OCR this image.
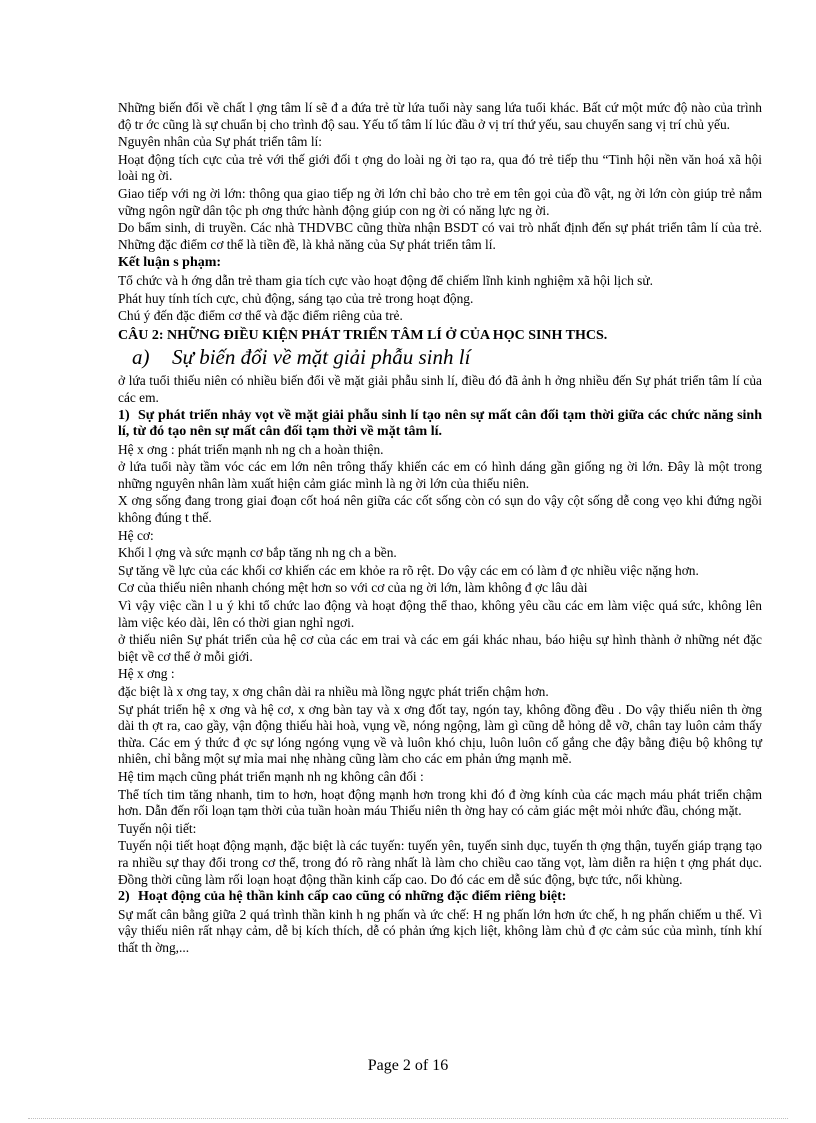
Những biến đổi về chất l ợng tâm lí sẽ đ a đứa trẻ từ lứa tuổi này sang lứa tuổi khác. Bất cứ một mức độ nào của trình độ tr ớc cũng là sự chuẩn bị cho trình độ sau. Yếu tố tâm lí lúc đầu ở vị trí thứ yếu, sau chuyển sang vị trí chủ yếu.

Nguyên nhân của Sự phát triển tâm lí:

Hoạt động tích cực của trẻ với thế giới đối t ợng do loài ng ời tạo ra, qua đó trẻ tiếp thu “Tinh hội nền văn hoá xã hội loài ng ời.

Giao tiếp với ng ời lớn: thông qua giao tiếp ng ời lớn chỉ bảo cho trẻ em tên gọi của đồ vật, ng ời lớn còn giúp trẻ nắm vững ngôn ngữ dân tộc ph ơng thức hành động giúp con ng ời có năng lực ng ời.

Do bẩm sinh, di truyền. Các nhà THDVBC cũng thừa nhận BSDT có vai trò nhất định đến sự phát triển tâm lí của trẻ. Những đặc điểm cơ thể là tiền đề, là khả năng của Sự phát triển tâm lí.

Kết luận s phạm:

Tổ chức và h ớng dẫn trẻ tham gia tích cực vào hoạt động để chiếm lĩnh kinh nghiệm xã hội lịch sử.

Phát huy tính tích cực, chủ động, sáng tạo của trẻ trong hoạt động.

Chú ý đến đặc điểm cơ thể và đặc điểm riêng của trẻ.

CÂU 2: NHỮNG ĐIỀU KIỆN PHÁT TRIỂN TÂM LÍ Ở CỦA HỌC SINH THCS.

a) Sự biến đổi về mặt giải phẫu sinh lí

ở lứa tuổi thiếu niên có nhiều biến đổi về mặt giải phẫu sinh lí, điều đó đã ảnh h ởng nhiều đến Sự phát triển tâm lí của các em.

1) Sự phát triển nhảy vọt về mặt giải phẫu sinh lí tạo nên sự mất cân đối tạm thời giữa các chức năng sinh lí, từ đó tạo nên sự mất cân đối tạm thời về mặt tâm lí.

Hệ x ơng : phát triển mạnh nh ng ch a hoàn thiện.

ở lứa tuổi này tầm vóc các em lớn nên trông thấy khiến các em có hình dáng gần giống ng ời lớn. Đây là một trong những nguyên nhân làm xuất hiện cảm giác mình là ng ời lớn của thiếu niên.

X ơng sống đang trong giai đoạn cốt hoá nên giữa các cốt sống còn có sụn do vậy cột sống dễ cong vẹo khi đứng ngồi không đúng t thế.

Hệ cơ:

Khối l ợng và sức mạnh cơ bắp tăng nh ng ch a bền.

Sự tăng về lực của các khối cơ khiến các em khỏe ra rõ rệt. Do vậy các em có làm đ ợc nhiều việc nặng hơn.

Cơ của thiếu niên nhanh chóng mệt hơn so với cơ của ng ời lớn, làm không đ ợc lâu dài

Vì vậy việc cần l u ý khi tổ chức lao động và hoạt động thể thao, không yêu cầu các em làm việc quá sức, không lên làm việc kéo dài, lên có thời gian nghỉ ngơi.

ở thiếu niên Sự phát triển của hệ cơ của các em trai và các em gái khác nhau, báo hiệu sự hình thành ở những nét đặc biệt về cơ thể ở mỗi giới.

Hệ x ơng :

đặc biệt là x ơng tay, x ơng chân dài ra nhiều mà lồng ngực phát triển chậm hơn.

Sự phát triển hệ x ơng và hệ cơ, x ơng bàn tay và x ơng đốt tay, ngón tay, không đồng đều . Do vậy thiếu niên th ờng dài th ợt ra, cao gầy, vận động thiếu hài hoà, vụng về, nóng ngộng, làm gì cũng dễ hỏng dễ vỡ, chân tay luôn cảm thấy thừa. Các em ý thức đ ợc sự lóng ngóng vụng về và luôn khó chịu, luôn luôn cố gắng che đậy bằng điệu bộ không tự nhiên, chỉ bằng một sự mỉa mai nhẹ nhàng cũng làm cho các em phản ứng mạnh mẽ.

Hệ tim mạch cũng phát triển mạnh nh ng không cân đối :

Thể tích tim tăng nhanh, tim to hơn, hoạt động mạnh hơn trong khi đó đ ờng kính của các mạch máu phát triển chậm hơn. Dẫn đến rối loạn tạm thời của tuần hoàn máu Thiếu niên th ờng hay có cảm giác mệt mỏi nhức đầu, chóng mặt.

Tuyến nội tiết:

Tuyến nội tiết hoạt động mạnh, đặc biệt là các tuyến: tuyến yên, tuyến sinh dục, tuyến th ợng thận, tuyến giáp trạng tạo ra nhiều sự thay đổi trong cơ thể, trong đó rõ ràng nhất là làm cho chiều cao tăng vọt, làm diễn ra hiện t ợng phát dục. Đồng thời cũng làm rối loạn hoạt động thần kinh cấp cao. Do đó các em dễ súc động, bực tức, nổi khùng.

2) Hoạt động của hệ thần kinh cấp cao cũng có những đặc điểm riêng biệt:

Sự mất cân bằng giữa 2 quá trình thần kinh h ng phấn và ức chế: H ng phấn lớn hơn ức chế, h ng phấn chiếm u thế. Vì vậy thiếu niên rất nhạy cảm, dễ bị kích thích, dễ có phản ứng kịch liệt, không làm chủ đ ợc cảm súc của mình, tính khí thất th ờng,...

Page 2 of 16
